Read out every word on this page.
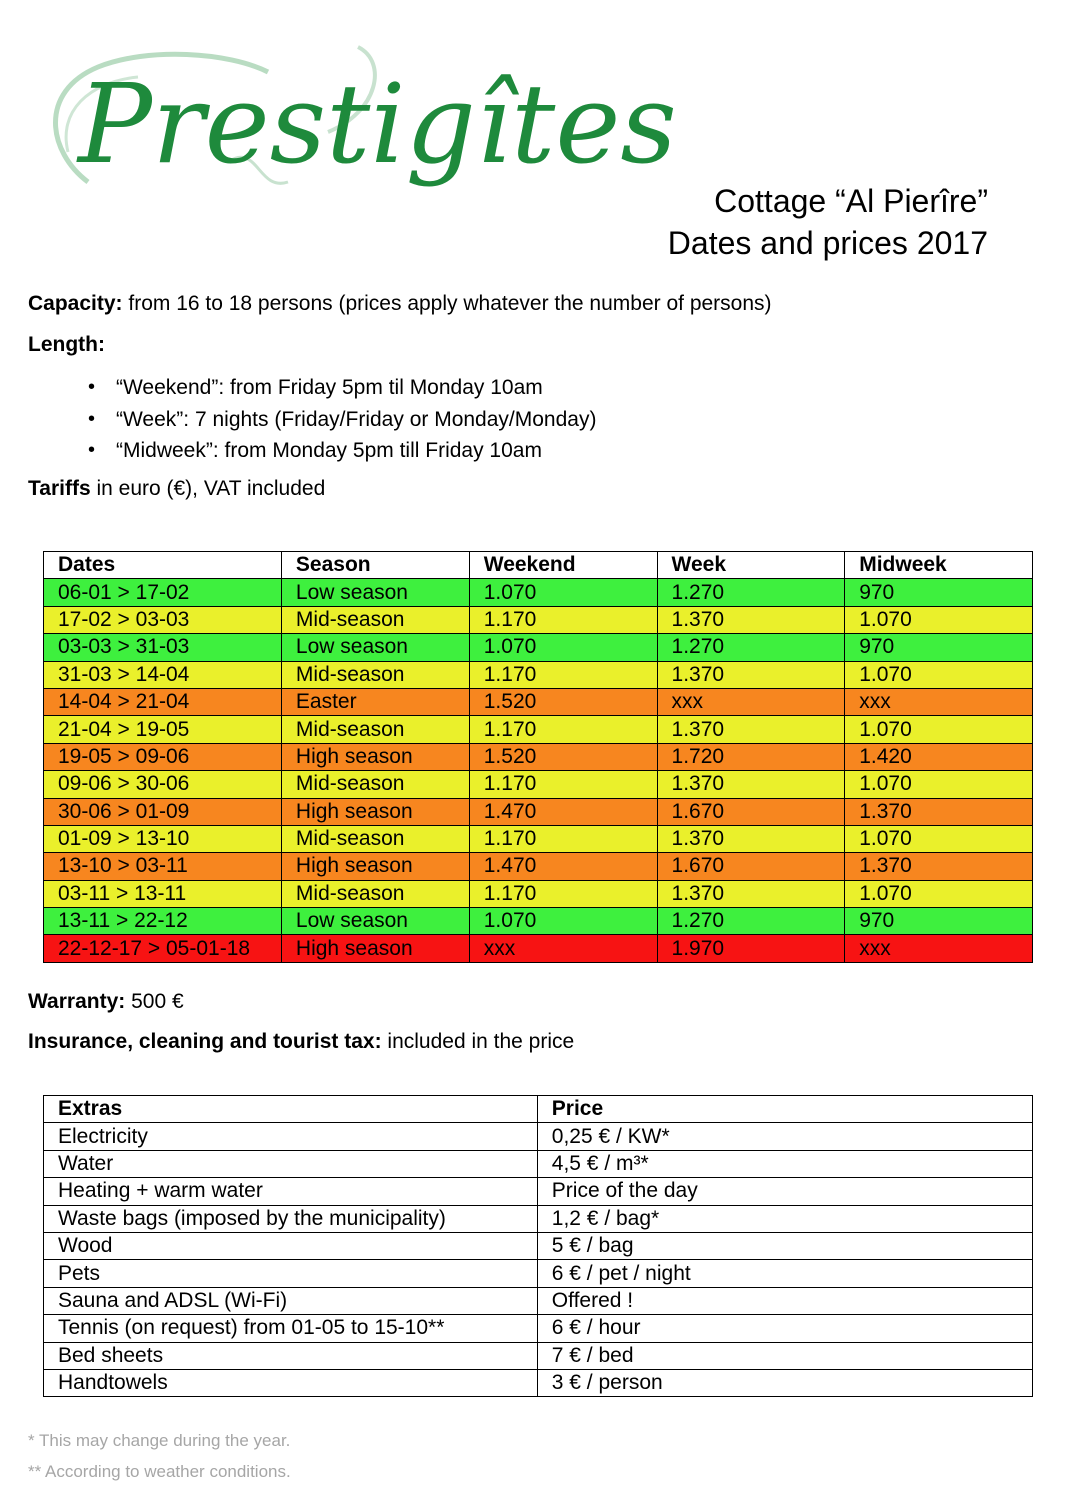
Prestigîtes
Cottage “Al Pierîre”
Dates and prices 2017
Capacity: from 16 to 18 persons (prices apply whatever the number of persons)
Length:
• “Weekend”: from Friday 5pm til Monday 10am
• “Week”: 7 nights (Friday/Friday or Monday/Monday)
• “Midweek”: from Monday 5pm till Friday 10am
Tariffs in euro (€), VAT included
Dates	Season	Weekend	Week	Midweek
06-01 > 17-02	Low season	1.070	1.270	970
17-02 > 03-03	Mid-season	1.170	1.370	1.070
03-03 > 31-03	Low season	1.070	1.270	970
31-03 > 14-04	Mid-season	1.170	1.370	1.070
14-04 > 21-04	Easter	1.520	xxx	xxx
21-04 > 19-05	Mid-season	1.170	1.370	1.070
19-05 > 09-06	High season	1.520	1.720	1.420
09-06 > 30-06	Mid-season	1.170	1.370	1.070
30-06 > 01-09	High season	1.470	1.670	1.370
01-09 > 13-10	Mid-season	1.170	1.370	1.070
13-10 > 03-11	High season	1.470	1.670	1.370
03-11 > 13-11	Mid-season	1.170	1.370	1.070
13-11 > 22-12	Low season	1.070	1.270	970
22-12-17 > 05-01-18	High season	xxx	1.970	xxx
Warranty: 500 €
Insurance, cleaning and tourist tax: included in the price
Extras	Price
Electricity	0,25 € / KW*
Water	4,5 € / m³*
Heating + warm water	Price of the day
Waste bags (imposed by the municipality)	1,2 € / bag*
Wood	5 € / bag
Pets	6 € / pet / night
Sauna and ADSL (Wi-Fi)	Offered !
Tennis (on request) from 01-05 to 15-10**	6 € / hour
Bed sheets	7 € / bed
Handtowels	3 € / person
* This may change during the year.
** According to weather conditions.
